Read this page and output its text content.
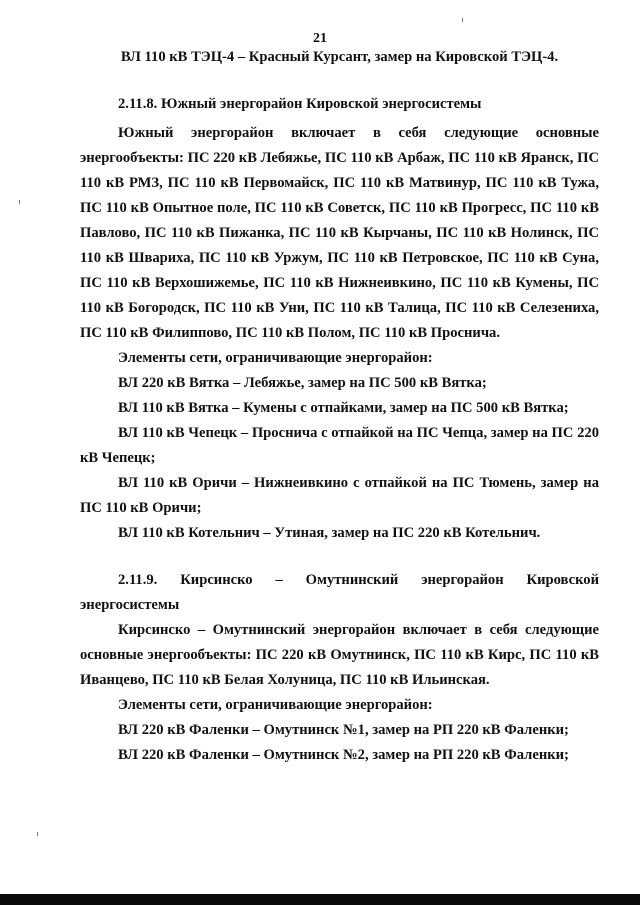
21

ВЛ 110 кВ ТЭЦ-4 – Красный Курсант, замер на Кировской ТЭЦ-4.

2.11.8. Южный энергорайон Кировской энергосистемы

Южный энергорайон включает в себя следующие основные энергообъекты: ПС 220 кВ Лебяжье, ПС 110 кВ Арбаж, ПС 110 кВ Яранск, ПС 110 кВ РМЗ, ПС 110 кВ Первомайск, ПС 110 кВ Матвинур, ПС 110 кВ Тужа, ПС 110 кВ Опытное поле, ПС 110 кВ Советск, ПС 110 кВ Прогресс, ПС 110 кВ Павлово, ПС 110 кВ Пижанка, ПС 110 кВ Кырчаны, ПС 110 кВ Нолинск, ПС 110 кВ Швариха, ПС 110 кВ Уржум, ПС 110 кВ Петровское, ПС 110 кВ Суна, ПС 110 кВ Верхошижемье, ПС 110 кВ Нижнеивкино, ПС 110 кВ Кумены, ПС 110 кВ Богородск, ПС 110 кВ Уни, ПС 110 кВ Талица, ПС 110 кВ Селезениха, ПС 110 кВ Филиппово, ПС 110 кВ Полом, ПС 110 кВ Проснича.

Элементы сети, ограничивающие энергорайон:

ВЛ 220 кВ Вятка – Лебяжье, замер на ПС 500 кВ Вятка;

ВЛ 110 кВ Вятка – Кумены с отпайками, замер на ПС 500 кВ Вятка;

ВЛ 110 кВ Чепецк – Проснича с отпайкой на ПС Чепца, замер на ПС 220 кВ Чепецк;

ВЛ 110 кВ Оричи – Нижнеивкино с отпайкой на ПС Тюмень, замер на ПС 110 кВ Оричи;

ВЛ 110 кВ Котельнич – Утиная, замер на ПС 220 кВ Котельнич.

2.11.9. Кирсинско – Омутнинский энергорайон Кировской энергосистемы

Кирсинско – Омутнинский энергорайон включает в себя следующие основные энергообъекты: ПС 220 кВ Омутнинск, ПС 110 кВ Кирс, ПС 110 кВ Иванцево, ПС 110 кВ Белая Холуница, ПС 110 кВ Ильинская.

Элементы сети, ограничивающие энергорайон:

ВЛ 220 кВ Фаленки – Омутнинск №1, замер на РП 220 кВ Фаленки;

ВЛ 220 кВ Фаленки – Омутнинск №2, замер на РП 220 кВ Фаленки;
